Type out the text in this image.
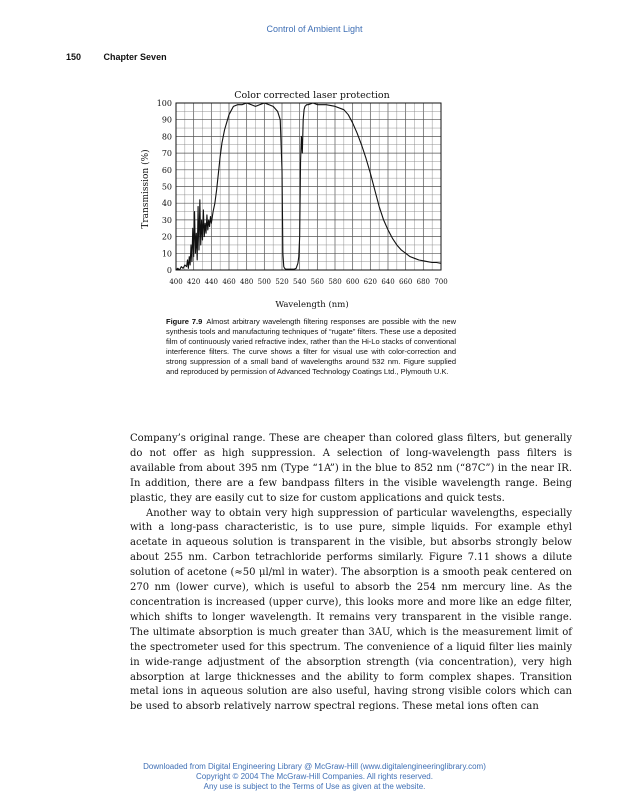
Control of Ambient Light
150	Chapter Seven
Color corrected laser protection
400 420 440 460 480 500 520 540 560 580 600 620 640 660 680 700
0
10
20
30
40
50
60
70
80
90
100
Wavelength (nm)
Transmission (%)
Figure 7.9 Almost arbitrary wavelength filtering responses are possible with the new synthesis tools and manufacturing techniques of “rugate” filters. These use a deposited film of continuously varied refractive index, rather than the Hi-Lo stacks of conventional interference filters. The curve shows a filter for visual use with color-correction and strong suppression of a small band of wavelengths around 532 nm. Figure supplied and reproduced by permission of Advanced Technology Coatings Ltd., Plymouth U.K.

Company’s original range. These are cheaper than colored glass filters, but generally do not offer as high suppression. A selection of long-wavelength pass filters is available from about 395 nm (Type “1A”) in the blue to 852 nm (“87C”) in the near IR. In addition, there are a few bandpass filters in the visible wavelength range. Being plastic, they are easily cut to size for custom applications and quick tests.

Another way to obtain very high suppression of particular wavelengths, especially with a long-pass characteristic, is to use pure, simple liquids. For example ethyl acetate in aqueous solution is transparent in the visible, but absorbs strongly below about 255 nm. Carbon tetrachloride performs similarly. Figure 7.11 shows a dilute solution of acetone (≈50 μl/ml in water). The absorption is a smooth peak centered on 270 nm (lower curve), which is useful to absorb the 254 nm mercury line. As the concentration is increased (upper curve), this looks more and more like an edge filter, which shifts to longer wavelength. It remains very transparent in the visible range. The ultimate absorption is much greater than 3AU, which is the measurement limit of the spectrometer used for this spectrum. The convenience of a liquid filter lies mainly in wide-range adjustment of the absorption strength (via concentration), very high absorption at large thicknesses and the ability to form complex shapes. Transition metal ions in aqueous solution are also useful, having strong visible colors which can be used to absorb relatively narrow spectral regions. These metal ions often can

Downloaded from Digital Engineering Library @ McGraw-Hill (www.digitalengineeringlibrary.com)
Copyright © 2004 The McGraw-Hill Companies. All rights reserved.
Any use is subject to the Terms of Use as given at the website.
